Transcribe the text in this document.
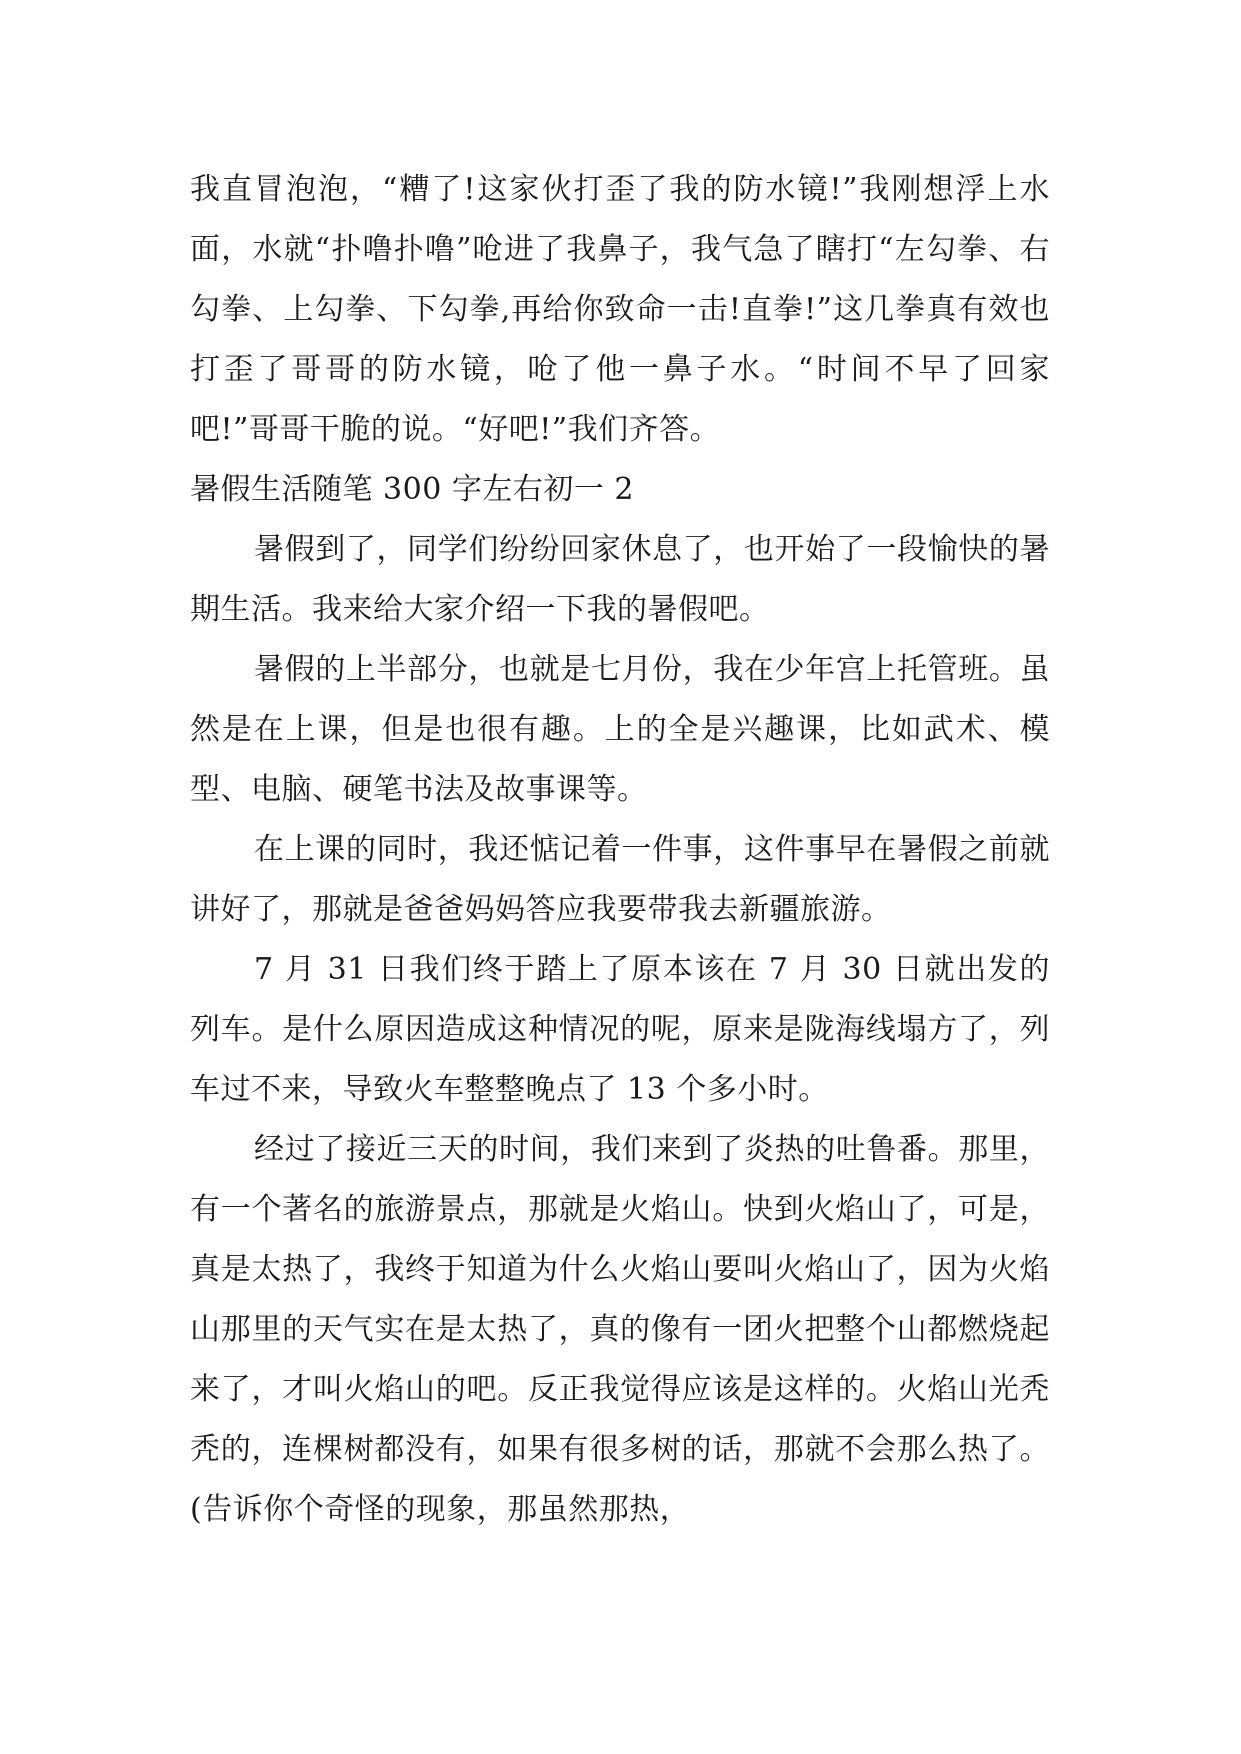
我直冒泡泡，“糟了!这家伙打歪了我的防水镜!”我刚想浮上水面，水就“扑噜扑噜”呛进了我鼻子，我气急了瞎打“左勾拳、右勾拳、上勾拳、下勾拳,再给你致命一击!直拳!”这几拳真有效也打歪了哥哥的防水镜，呛了他一鼻子水。“时间不早了回家吧!”哥哥干脆的说。“好吧!”我们齐答。

暑假生活随笔 300 字左右初一 2

暑假到了，同学们纷纷回家休息了，也开始了一段愉快的暑期生活。我来给大家介绍一下我的暑假吧。

暑假的上半部分，也就是七月份，我在少年宫上托管班。虽然是在上课，但是也很有趣。上的全是兴趣课，比如武术、模型、电脑、硬笔书法及故事课等。

在上课的同时，我还惦记着一件事，这件事早在暑假之前就讲好了，那就是爸爸妈妈答应我要带我去新疆旅游。

7 月 31 日我们终于踏上了原本该在 7 月 30 日就出发的列车。是什么原因造成这种情况的呢，原来是陇海线塌方了，列车过不来，导致火车整整晚点了 13 个多小时。

经过了接近三天的时间，我们来到了炎热的吐鲁番。那里，有一个著名的旅游景点，那就是火焰山。快到火焰山了，可是，真是太热了，我终于知道为什么火焰山要叫火焰山了，因为火焰山那里的天气实在是太热了，真的像有一团火把整个山都燃烧起来了，才叫火焰山的吧。反正我觉得应该是这样的。火焰山光秃秃的，连棵树都没有，如果有很多树的话，那就不会那么热了。(告诉你个奇怪的现象，那虽然那热，
